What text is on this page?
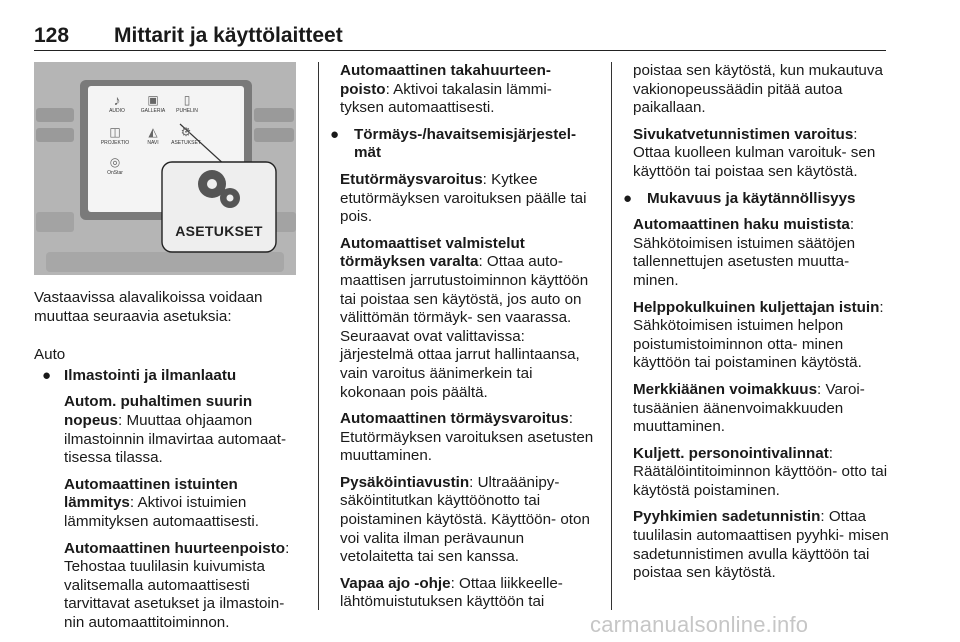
128 Mittarit ja käyttölaitteet
♪
AUDIO
▣
GALLERIA
▯
PUHELIN
◫
PROJEKTIO
◭
NAVI
⚙
ASETUKSET
◎
OnStar
ASETUKSET

Vastaavissa alavalikoissa voidaan muuttaa seuraavia asetuksia:

Auto

● Ilmastointi ja ilmanlaatu

Autom. puhaltimen suurin nopeus: Muuttaa ohjaamon ilmastoinnin ilmavirtaa automaat‐ tisessa tilassa.

Automaattinen istuinten lämmitys: Aktivoi istuimien lämmityksen automaattisesti.

Automaattinen huurteenpoisto: Tehostaa tuulilasin kuivumista valitsemalla automaattisesti tarvittavat asetukset ja ilmastoin‐ nin automaattitoiminnon.

Automaattinen takahuurteen‐ poisto: Aktivoi takalasin lämmi‐ tyksen automaattisesti.

● Törmäys-/havaitsemisjärjestel‐ mät

Etutörmäysvaroitus: Kytkee etutörmäyksen varoituksen päälle tai pois.

Automaattiset valmistelut törmäyksen varalta: Ottaa auto‐ maattisen jarrutustoiminnon käyttöön tai poistaa sen käytöstä, jos auto on välittömän törmäyk‐ sen vaarassa. Seuraavat ovat valittavissa: järjestelmä ottaa jarrut hallintaansa, vain varoitus äänimerkein tai kokonaan pois päältä.

Automaattinen törmäysvaroitus: Etutörmäyksen varoituksen asetusten muuttaminen.

Pysäköintiavustin: Ultraäänipy‐ säköintitutkan käyttöönotto tai poistaminen käytöstä. Käyttöön‐ oton voi valita ilman perävaunun vetolaitetta tai sen kanssa.

Vapaa ajo -ohje: Ottaa liikkeelle‐ lähtömuistutuksen käyttöön tai

poistaa sen käytöstä, kun mukautuva vakionopeussäädin pitää autoa paikallaan.

Sivukatvetunnistimen varoitus: Ottaa kuolleen kulman varoituk‐ sen käyttöön tai poistaa sen käytöstä.

● Mukavuus ja käytännöllisyys

Automaattinen haku muistista: Sähkötoimisen istuimen säätöjen tallennettujen asetusten muutta‐ minen.

Helppokulkuinen kuljettajan istuin: Sähkötoimisen istuimen helpon poistumistoiminnon otta‐ minen käyttöön tai poistaminen käytöstä.

Merkkiäänen voimakkuus: Varoi‐ tusäänien äänenvoimakkuuden muuttaminen.

Kuljett. personointivalinnat: Räätälöintitoiminnon käyttöön‐ otto tai käytöstä poistaminen.

Pyyhkimien sadetunnistin: Ottaa tuulilasin automaattisen pyyhki‐ misen sadetunnistimen avulla käyttöön tai poistaa sen käytöstä.

carmanualsonline.info
